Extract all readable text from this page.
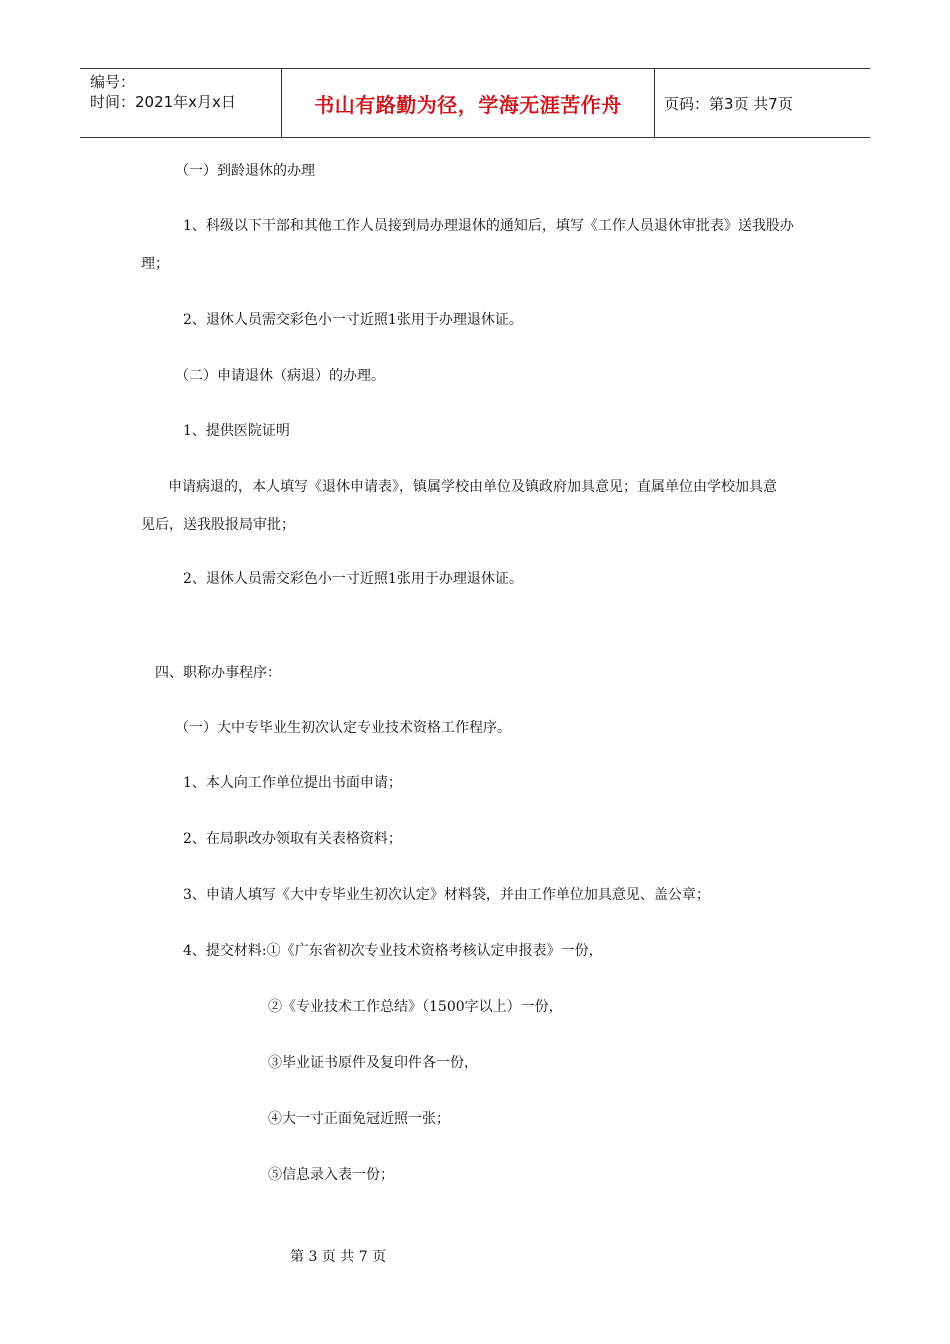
编号：
时间：2021年x月x日	书山有路勤为径，学海无涯苦作舟	页码：第3页 共7页
（一）到龄退休的办理
1、科级以下干部和其他工作人员接到局办理退休的通知后，填写《工作人员退休审批表》送我股办
理；
2、退休人员需交彩色小一寸近照1张用于办理退休证。
（二）申请退休（病退）的办理。
1、提供医院证明
申请病退的，本人填写《退休申请表》，镇属学校由单位及镇政府加具意见；直属单位由学校加具意
见后，送我股报局审批；
2、退休人员需交彩色小一寸近照1张用于办理退休证。
四、职称办事程序：
（一）大中专毕业生初次认定专业技术资格工作程序。
1、本人向工作单位提出书面申请；
2、在局职改办领取有关表格资料；
3、申请人填写《大中专毕业生初次认定》材料袋，并由工作单位加具意见、盖公章；
4、提交材料:①《广东省初次专业技术资格考核认定申报表》一份，
②《专业技术工作总结》（1500字以上）一份，
③毕业证书原件及复印件各一份，
④大一寸正面免冠近照一张；
⑤信息录入表一份；
第 3 页 共 7 页
